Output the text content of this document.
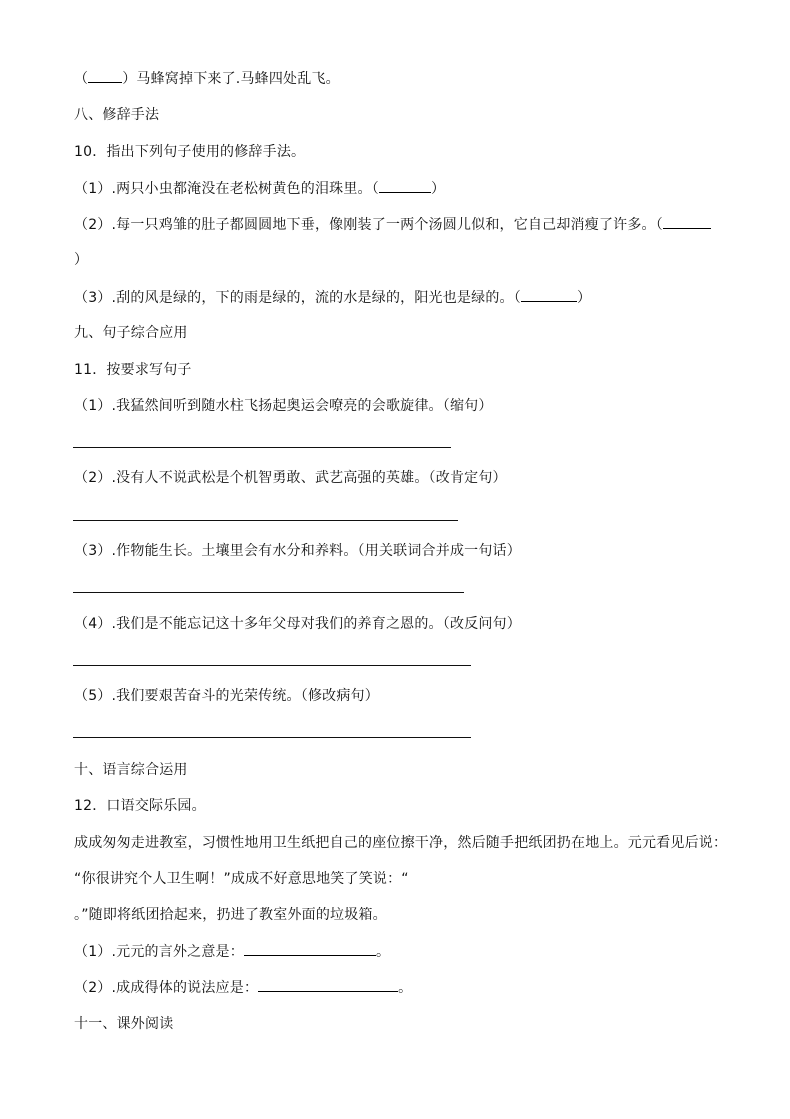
（ ）马蜂窝掉下来了.马蜂四处乱飞。
八、修辞手法
10．指出下列句子使用的修辞手法。
（1）.两只小虫都淹没在老松树黄色的泪珠里。（	）
（2）.每一只鸡雏的肚子都圆圆地下垂，像刚装了一两个汤圆儿似和，它自己却消瘦了许多。（
）
（3）.刮的风是绿的，下的雨是绿的，流的水是绿的，阳光也是绿的。（	）
九、句子综合应用
11．按要求写句子
（1）.我猛然间听到随水柱飞扬起奥运会嘹亮的会歌旋律。（缩句）
（2）.没有人不说武松是个机智勇敢、武艺高强的英雄。（改肯定句）
（3）.作物能生长。土壤里会有水分和养料。（用关联词合并成一句话）
（4）.我们是不能忘记这十多年父母对我们的养育之恩的。（改反问句）
（5）.我们要艰苦奋斗的光荣传统。（修改病句）
十、语言综合运用
12．口语交际乐园。
成成匆匆走进教室，习惯性地用卫生纸把自己的座位擦干净，然后随手把纸团扔在地上。元元看见后说：
“你很讲究个人卫生啊！”成成不好意思地笑了笑说：“
。”随即将纸团拾起来，扔进了教室外面的垃圾箱。
（1）.元元的言外之意是：	。
（2）.成成得体的说法应是：	。
十一、课外阅读
